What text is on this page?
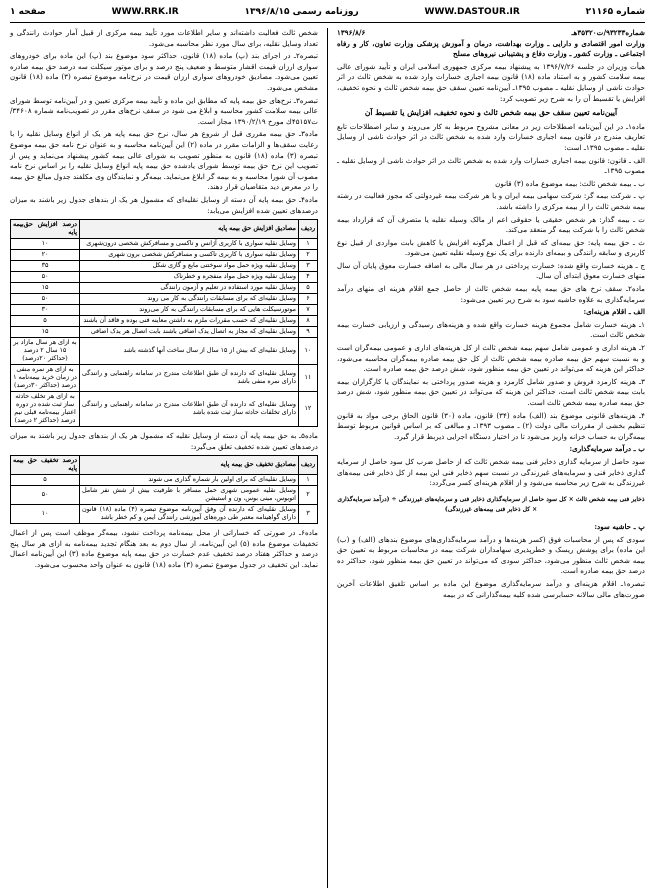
شماره ۲۱۱۶۵
WWW.DASTOUR.IR
روزنامه رسمی ۱۳۹۶/۸/۱۵
WWW.RRK.IR
صفحه ۱
شماره۹۳۲۳۳/ت۳۵۳۲۰هـ
۱۳۹۶/۸/۶

وزارت امور اقتصادی و دارایی ـ وزارت بهداشت، درمان و آموزش پزشکی وزارت تعاون، کار و رفاه اجتماعی ـ وزارت کشور ـ وزارت دفاع و پشتیبانی نیروهای مسلح

هیأت وزیران در جلسه ۱۳۹۶/۷/۲۶ به پیشنهاد بیمه مرکزی جمهوری اسلامی ایران و تأیید شورای عالی بیمه سلامت کشور و به استناد ماده (۱۸) قانون بیمه اجباری خسارات وارد شده به شخص ثالث در اثر حوادث ناشی از وسایل نقلیه ـ مصوب ۱۳۹۵ـ آیین‌نامه تعیین سقف حق بیمه شخص ثالث و نحوه تخفیف، افزایش یا تقسیط آن را به شرح زیر تصویب کرد:

آیین‌نامه تعیین سقف حق بیمه شخص ثالث و نحوه تخفیف، افزایش یا تقسیط آن

ماده۱ـ در این آیین‌نامه اصطلاحات زیر در معانی مشروح مربوط به کار می‌روند و سایر اصطلاحات تابع تعاریف مندرج در قانون بیمه اجباری خسارات وارد شده به شخص ثالث در اثر حوادث ناشی از وسایل نقلیه ـ مصوب ۱۳۹۵ـ است:

الف ـ قانون: قانون بیمه اجباری خسارات وارد شده به شخص ثالث در اثر حوادث ناشی از وسایل نقلیه ـ مصوب ۱۳۹۵ـ

ب ـ بیمه شخص ثالث: بیمه موضوع ماده (۳) قانون

پ ـ شرکت بیمه گر: شرکت سهامی بیمه ایران و یا هر شرکت بیمه غیردولتی که مجوز فعالیت در رشته بیمه شخص ثالث را از بیمه مرکزی را داشته باشد.

ت ـ بیمه گذار: هر شخص حقیقی یا حقوقی اعم از مالک وسیله نقلیه یا متصرف آن که قرارداد بیمه شخص ثالث را با شرکت بیمه گر منعقد می‌کند.

ث ـ حق بیمه پایه: حق بیمه‌ای که قبل از اعمال هرگونه افزایش یا کاهش بابت مواردی از قبیل نوع کاربری و سابقه رانندگی و بیمه‌ای دارنده برای یک نوع وسیله نقلیه تعیین می‌شود.

ج ـ هزینه خسارت واقع شده: خسارت پرداختی در هر سال مالی به اضافه خسارت معوق پایان آن سال منهای خسارت معوق ابتدای آن سال.

ماده۲ـ سقف نرخ های حق بیمه پایه بیمه شخص ثالث از حاصل جمع اقلام هزینه ای منهای درآمد سرمایه‌گذاری به علاوه حاشیه سود به شرح زیر تعیین می‌شود:

الف ـ اقلام هزینه‌ای:

۱ـ هزینه خسارت شامل مجموع هزینه خسارت واقع شده و هزینه‌های رسیدگی و ارزیابی خسارت بیمه شخص ثالث است.

۲ـ هزینه اداری و عمومی شامل سهم بیمه شخص ثالث از کل هزینه‌های اداری و عمومی بیمه‌گران است و به نسبت سهم حق بیمه صادره بیمه شخص ثالث از کل حق بیمه صادره بیمه‌گران محاسبه می‌شود، حداکثر این هزینه که می‌تواند در تعیین حق بیمه منظور شود، شش درصد حق بیمه صادره است.

۳ـ هزینه کارمزد فروش و صدور شامل کارمزد و هزینه صدور پرداختی به نمایندگان یا کارگزاران بیمه بابت بیمه شخص ثالث است، حداکثر این هزینه که می‌تواند در تعیین حق بیمه منظور شود، شش درصد حق بیمه صادره بیمه شخص ثالث است.

۴ـ هزینه‌های قانونی موضوع بند (الف) ماده (۳۴) قانون، ماده (۳۰) قانون الحاق برخی مواد به قانون تنظیم بخشی از مقررات مالی دولت (۲) ـ مصوب ۱۳۹۳ـ و مبالغی که بر اساس قوانین مربوط توسط بیمه‌گران به حساب خزانه واریز می‌شود تا در اختیار دستگاه اجرایی ذیربط قرار گیرد.

ب ـ درآمد سرمایه‌گذاری:

سود حاصل از سرمایه گذاری ذخایر فنی بیمه شخص ثالث که از حاصل ضرب کل سود حاصل از سرمایه گذاری ذخایر فنی و سرمایه‌های غیرزندگی در نسبت سهم ذخایر فنی این بیمه از کل ذخایر فنی بیمه‌های غیرزندگی به شرح زیر محاسبه می‌شود و از اقلام هزینه‌ای کسر می‌گردد:

ذخایر فنی بیمه شخص ثالث × کل سود حاصل از سرمایه‌گذاری ذخایر فنی و سرمایه‌های غیرزندگی ÷ (درآمد سرمایه‌گذاری × کل ذخایر فنی بیمه‌های غیرزندگی)

پ ـ حاشیه سود:

سودی که پس از محاسبات فوق (کسر هزینه‌ها و درآمد سرمایه‌گذاری‌های موضوع بندهای (الف) و (ب) این ماده) برای پوشش ریسک و خطرپذیری سهامداران شرکت بیمه در محاسبات مربوط به تعیین حق بیمه شخص ثالث منظور می‌شود، حداکثر سودی که می‌تواند در تعیین حق بیمه منظور شود، حداکثر ده درصد حق بیمه صادره است.

تبصره۱ـ اقلام هزینه‌ای و درآمد سرمایه‌گذاری موضوع این ماده بر اساس تلفیق اطلاعات آخرین صورت‌های مالی سالانه حسابرسی شده کلیه بیمه‌گذارانی که در بیمه

شخص ثالث فعالیت داشته‌اند و سایر اطلاعات مورد تأیید بیمه مرکزی از قبیل آمار حوادث رانندگی و تعداد وسایل نقلیه، برای سال مورد نظر محاسبه می‌شود.

تبصره۲ـ در اجرای بند (پ) ماده (۱۸) قانون، حداکثر سود موضوع بند (پ) این ماده برای خودروهای سواری ارزان قیمت اقشار متوسط و ضعیف پنج درصد و برای موتور سیکلت سه درصد حق بیمه صادره تعیین می‌شود. مصادیق خودروهای سواری ارزان قیمت در نرخ‌نامه موضوع تبصره (۳) ماده (۱۸) قانون مشخص می‌شود.

تبصره۳ـ نرخ‌های حق بیمه پایه که مطابق این ماده و تأیید بیمه مرکزی تعیین و در آیین‌نامه توسط شورای عالی بیمه سلامت کشور محاسبه و ابلاغ می شود در سقف نرخ‌های مقرر در تصویب‌نامه شماره ۳۴۶۰۸/ت۴۵۱۵۷ك مورخ ۱۳۹۰/۲/۱۹ مجاز است.

ماده۳ـ حق بیمه مقرری قبل از شروع هر سال، نرخ حق بیمه پایه هر یک از انواع وسایل نقلیه را با رعایت سقف‌ها و الزامات مقرر در ماده (۲) این آیین‌نامه محاسبه و به عنوان نرخ نامه حق بیمه موضوع تبصره (۳) ماده (۱۸) قانون به منظور تصویب به شورای عالی بیمه کشور پیشنهاد می‌نماید و پس از تصویب این نرخ حق بیمه توسط شورای یادشده حق بیمه پایه انواع وسایل نقلیه را بر اساس نرخ نامه مصوب آن شورا محاسبه و به بیمه گر ابلاغ می‌نماید. بیمه‌گر و نمایندگان وی مکلفند جدول مبالغ حق بیمه را در معرض دید متقاضیان قرار دهند.

ماده۴ـ حق بیمه پایه آن دسته از وسایل نقلیه‌ای که مشمول هر یک از بندهای جدول زیر باشند به میزان درصدهای تعیین شده افزایش می‌یابد:

ردیف	مصادیق افزایش حق بیمه پایه	درصد افزایش حق‌بیمه پایه
۱	وسایل نقلیه سواری با کاربری آژانس و تاکسی و مسافرکش شخصی درون‌شهری	۱۰
۲	وسایل نقلیه سواری با کاربری تاکسی و مسافرکش شخصی برون شهری	۲۰
۳	وسایل نقلیه ویژه حمل مواد سوختنی مایع و گازی شکل	۳۵
۴	وسایل نقلیه ویژه حمل مواد منفجره و خطرناک	۵۰
۵	وسایل نقلیه مورد استفاده در تعلیم و آزمون رانندگی	۱۵
۶	وسایل نقلیه‌ای که برای مسابقات رانندگی به کار می روند	۵۰
۷	موتورسیکلت هایی که برای مسابقات رانندگی به کار می‌روند	۳۰
۸	وسایل نقلیه‌ای که حسب مقررات ملزم به داشتن معاینه فنی بوده و فاقد آن باشند	۵
۹	وسایل نقلیه‌ای که مجاز به اتصال یدک اضافی باشند بابت اتصال هر یدک اضافی	۱۵
۱۰	وسایل نقلیه‌ای که بیش از ۱۵ سال از سال ساخت آنها گذشته باشد	به ازای هر سال مازاد بر ۱۵ سال ۲ درصد (حداکثر ۲۰درصد)
۱۱	وسایل نقلیه‌ای که دارنده آن طبق اطلاعات مندرج در سامانه راهنمایی و رانندگی دارای نمره منفی باشد	به ازای هر نمره منفی در زمان خرید بیمه‌نامه ۱ درصد (حداکثر ۳۰درصد)
۱۲	وسایل نقلیه‌ای که دارنده آن طبق اطلاعات مندرج در سامانه راهنمایی و رانندگی دارای تخلفات حادثه ساز ثبت شده باشد	به ازای هر تخلف حادثه ساز ثبت شده در دوره اعتبار بیمه‌نامه قبلی نیم درصد (حداکثر ۲ درصد)

ماده۵ـ به حق بیمه پایه آن دسته از وسایل نقلیه که مشمول هر یک از بندهای جدول زیر باشند به میزان درصدهای تعیین شده تخفیف تعلق می‌گیرد:

ردیف	مصادیق تخفیف حق بیمه پایه	درصد تخفیف حق بیمه پایه
۱	وسایل نقلیه‌ای که برای اولین بار شماره گذاری می شوند	۵
۲	وسایل نقلیه عمومی شهری حمل مسافر با ظرفیت بیش از شش نفر شامل اتوبوس، مینی بوس، ون و استیشن	۵۰
۳	وسایل نقلیه‌ای که دارنده آن وفق آیین‌نامه موضوع تبصره (۴) ماده (۱۸) قانون دارای گواهینامه معتبر طی دوره‌های آموزشی رانندگی ایمن و کم خطر باشد	۱۰

ماده۶ـ در صورتی که خساراتی از محل بیمه‌نامه پرداخت نشود، بیمه‌گر موظف است پس از اعمال تخفیفات موضوع ماده (۵) این آیین‌نامه، از سال دوم به بعد هنگام تجدید بیمه‌نامه به ازای هر سال پنج درصد و حداکثر هفتاد درصد تخفیف عدم خسارت در حق بیمه پایه موضوع ماده (۳) این آیین‌نامه اعمال نماید. این تخفیف در جدول موضوع تبصره (۳) ماده (۱۸) قانون به عنوان واحد محسوب می‌شود.
